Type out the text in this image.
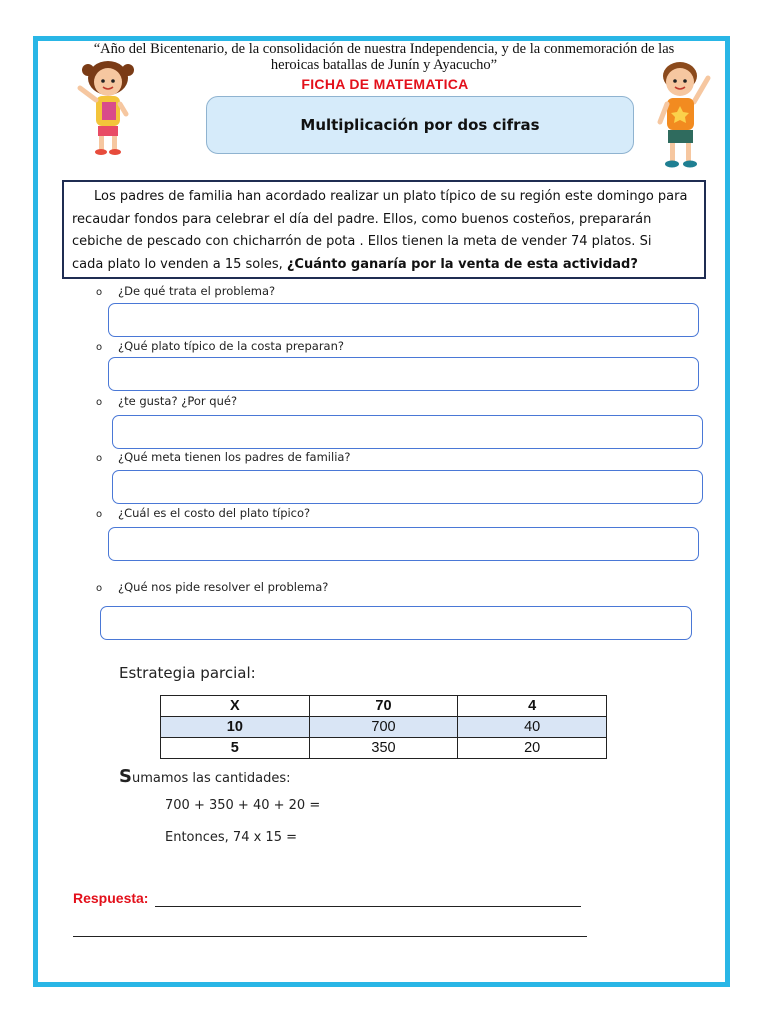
“Año del Bicentenario, de la consolidación de nuestra Independencia, y de la conmemoración de las
heroicas batallas de Junín y Ayacucho”
FICHA DE MATEMATICA
Multiplicación por dos cifras
Los padres de familia han acordado realizar un plato típico de su región este domingo para
recaudar fondos para celebrar el día del padre. Ellos, como buenos costeños, prepararán
cebiche de pescado con chicharrón de pota . Ellos tienen la meta de vender 74 platos. Si
cada plato lo venden a 15 soles, ¿Cuánto ganaría por la venta de esta actividad?
o ¿De qué trata el problema?
o ¿Qué plato típico de la costa preparan?
o ¿te gusta? ¿Por qué?
o ¿Qué meta tienen los padres de familia?
o ¿Cuál es el costo del plato típico?
o ¿Qué nos pide resolver el problema?
Estrategia parcial:
X	70	4
10	700	40
5	350	20
Sumamos las cantidades:
700 + 350 + 40 + 20 =
Entonces, 74 x 15 =
Respuesta:
